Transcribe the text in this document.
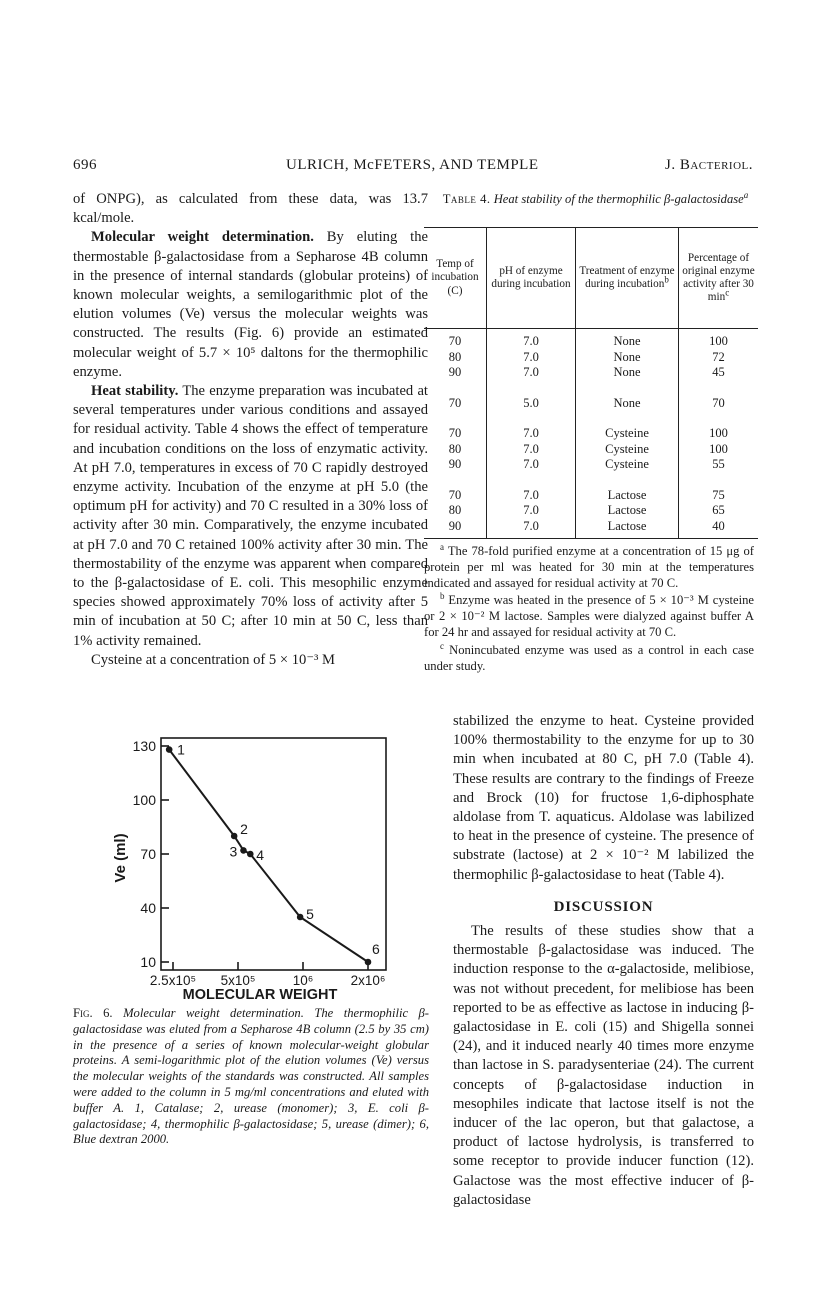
696	ULRICH, McFETERS, AND TEMPLE	J. Bacteriol.

of ONPG), as calculated from these data, was 13.7 kcal/mole.

Molecular weight determination. By eluting the thermostable β-galactosidase from a Sepharose 4B column in the presence of internal standards (globular proteins) of known molecular weights, a semilogarithmic plot of the elution volumes (Ve) versus the molecular weights was constructed. The results (Fig. 6) provide an estimated molecular weight of 5.7 × 10⁵ daltons for the thermophilic enzyme.

Heat stability. The enzyme preparation was incubated at several temperatures under various conditions and assayed for residual activity. Table 4 shows the effect of temperature and incubation conditions on the loss of enzymatic activity. At pH 7.0, temperatures in excess of 70 C rapidly destroyed enzyme activity. Incubation of the enzyme at pH 5.0 (the optimum pH for activity) and 70 C resulted in a 30% loss of activity after 30 min. Comparatively, the enzyme incubated at pH 7.0 and 70 C retained 100% activity after 30 min. The thermostability of the enzyme was apparent when compared to the β-galactosidase of E. coli. This mesophilic enzyme species showed approximately 70% loss of activity after 5 min of incubation at 50 C; after 10 min at 50 C, less than 1% activity remained.

Cysteine at a concentration of 5 × 10⁻³ M

10
40
70
100
130
2.5x10⁵ 5x10⁵	10⁶	2x10⁶
1
2
3 4
5
6
Ve (ml)
MOLECULAR WEIGHT
Fig. 6. Molecular weight determination. The thermophilic β-galactosidase was eluted from a Sepharose 4B column (2.5 by 35 cm) in the presence of a series of known molecular-weight globular proteins. A semi-logarithmic plot of the elution volumes (Ve) versus the molecular weights of the standards was constructed. All samples were added to the column in 5 mg/ml concentrations and eluted with buffer A. 1, Catalase; 2, urease (monomer); 3, E. coli β-galactosidase; 4, thermophilic β-galactosidase; 5, urease (dimer); 6, Blue dextran 2000.
Table 4. Heat stability of the thermophilic β-galactosidase$^a$
Temp of incubation (C)	pH of enzyme during incubation	Treatment of enzyme during incubation$^b$	Percentage of original enzyme activity after 30 $\min^c$
70	7.0	None	100
80	7.0	None	72
90	7.0	None	45

70	5.0	None	70

70	7.0	Cysteine	100
80	7.0	Cysteine	100
90	7.0	Cysteine	55

70	7.0	Lactose	75
80	7.0	Lactose	65
90	7.0	Lactose	40

$^a$ The 78-fold purified enzyme at a concentration of 15 μg of protein per ml was heated for 30 min at the temperatures indicated and assayed for residual activity at 70 C.

$^b$ Enzyme was heated in the presence of 5 × 10⁻³ M cysteine or 2 × 10⁻² M lactose. Samples were dialyzed against buffer A for 24 hr and assayed for residual activity at 70 C.

$^c$ Nonincubated enzyme was used as a control in each case under study.

stabilized the enzyme to heat. Cysteine provided 100% thermostability to the enzyme for up to 30 min when incubated at 80 C, pH 7.0 (Table 4). These results are contrary to the findings of Freeze and Brock (10) for fructose 1,6-diphosphate aldolase from T. aquaticus. Aldolase was labilized to heat in the presence of cysteine. The presence of substrate (lactose) at 2 × 10⁻² M labilized the thermophilic β-galactosidase to heat (Table 4).

DISCUSSION

The results of these studies show that a thermostable β-galactosidase was induced. The induction response to the α-galactoside, melibiose, was not without precedent, for melibiose has been reported to be as effective as lactose in inducing β-galactosidase in E. coli (15) and Shigella sonnei (24), and it induced nearly 40 times more enzyme than lactose in S. paradysenteriae (24). The current concepts of β-galactosidase induction in mesophiles indicate that lactose itself is not the inducer of the lac operon, but that galactose, a product of lactose hydrolysis, is transferred to some receptor to provide inducer function (12). Galactose was the most effective inducer of β-galactosidase
